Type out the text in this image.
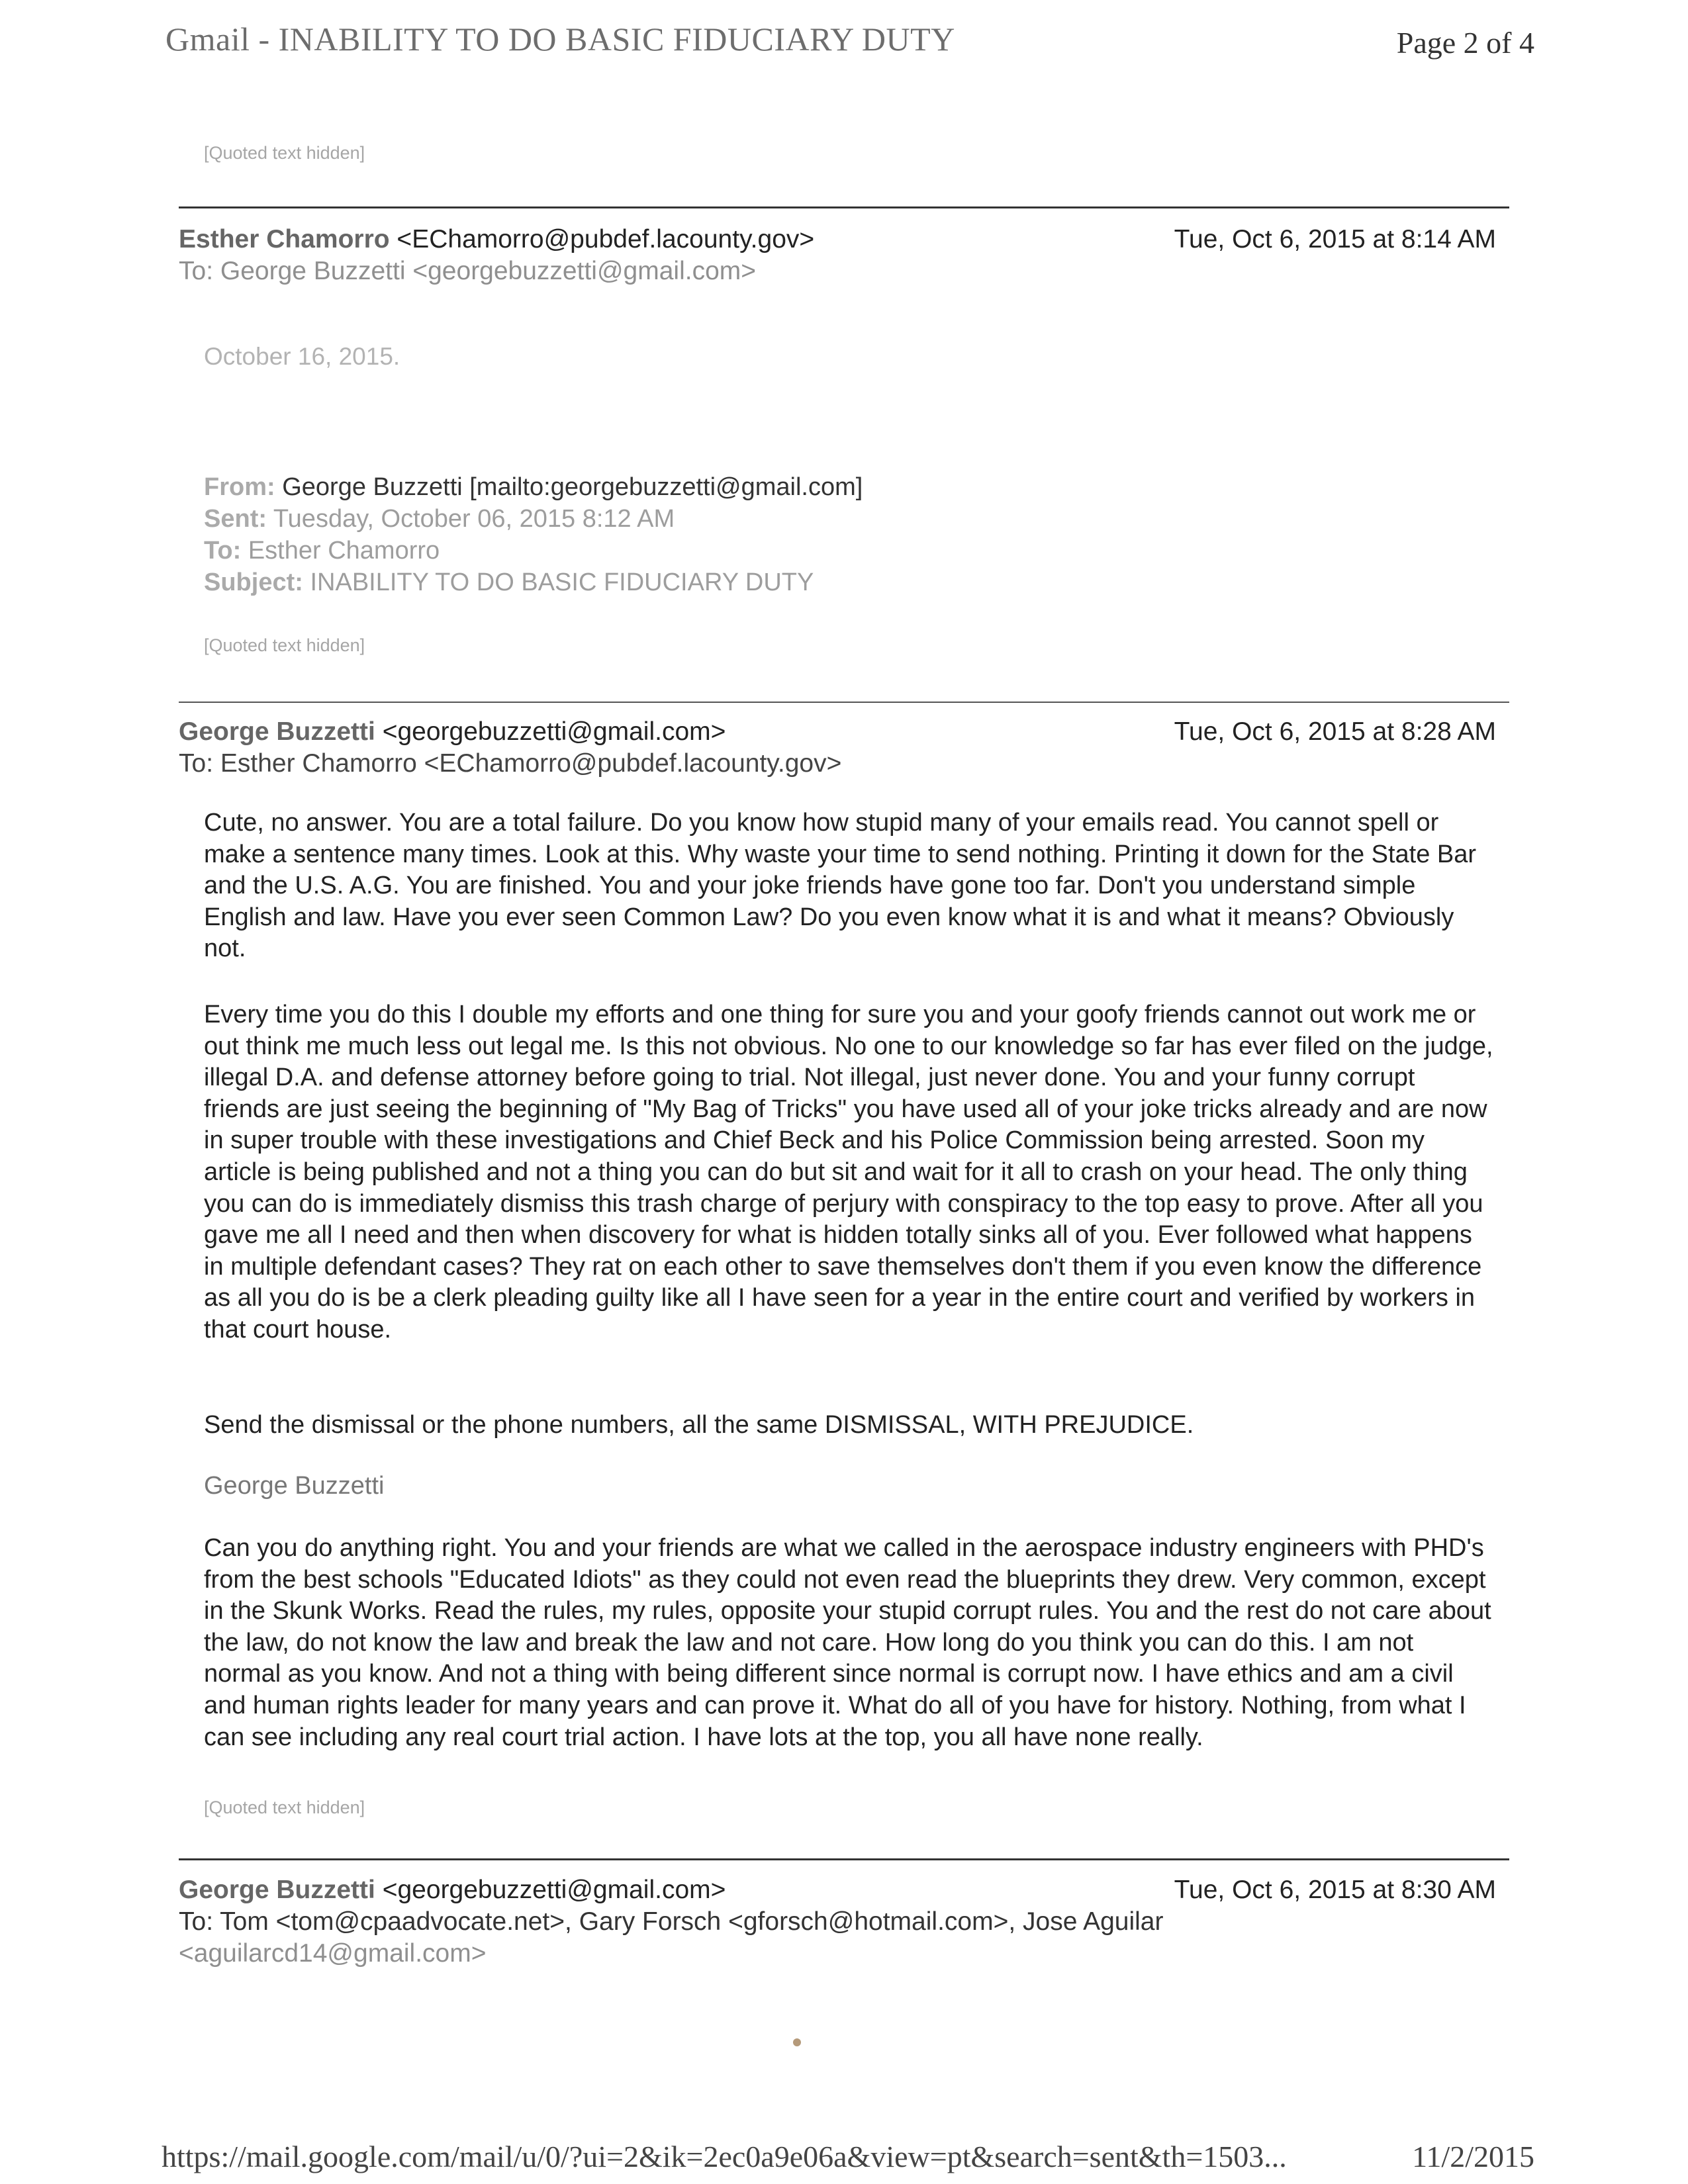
Gmail - INABILITY TO DO BASIC FIDUCIARY DUTY	Page 2 of 4
[Quoted text hidden]
Esther Chamorro <EChamorro@pubdef.lacounty.gov>
To: George Buzzetti <georgebuzzetti@gmail.com>
Tue, Oct 6, 2015 at 8:14 AM
October 16, 2015.
From: George Buzzetti [mailto:georgebuzzetti@gmail.com]
Sent: Tuesday, October 06, 2015 8:12 AM
To: Esther Chamorro
Subject: INABILITY TO DO BASIC FIDUCIARY DUTY
[Quoted text hidden]
George Buzzetti <georgebuzzetti@gmail.com>
To: Esther Chamorro <EChamorro@pubdef.lacounty.gov>
Tue, Oct 6, 2015 at 8:28 AM

Cute, no answer. You are a total failure. Do you know how stupid many of your emails read. You cannot spell or make a sentence many times. Look at this. Why waste your time to send nothing. Printing it down for the State Bar and the U.S. A.G. You are finished. You and your joke friends have gone too far. Don't you understand simple English and law. Have you ever seen Common Law? Do you even know what it is and what it means? Obviously not.

Every time you do this I double my efforts and one thing for sure you and your goofy friends cannot out work me or out think me much less out legal me. Is this not obvious. No one to our knowledge so far has ever filed on the judge, illegal D.A. and defense attorney before going to trial. Not illegal, just never done. You and your funny corrupt friends are just seeing the beginning of "My Bag of Tricks" you have used all of your joke tricks already and are now in super trouble with these investigations and Chief Beck and his Police Commission being arrested. Soon my article is being published and not a thing you can do but sit and wait for it all to crash on your head. The only thing you can do is immediately dismiss this trash charge of perjury with conspiracy to the top easy to prove. After all you gave me all I need and then when discovery for what is hidden totally sinks all of you. Ever followed what happens in multiple defendant cases? They rat on each other to save themselves don't them if you even know the difference as all you do is be a clerk pleading guilty like all I have seen for a year in the entire court and verified by workers in that court house.

Send the dismissal or the phone numbers, all the same DISMISSAL, WITH PREJUDICE.

George Buzzetti

Can you do anything right. You and your friends are what we called in the aerospace industry engineers with PHD's from the best schools "Educated Idiots" as they could not even read the blueprints they drew. Very common, except in the Skunk Works. Read the rules, my rules, opposite your stupid corrupt rules. You and the rest do not care about the law, do not know the law and break the law and not care. How long do you think you can do this. I am not normal as you know. And not a thing with being different since normal is corrupt now. I have ethics and am a civil and human rights leader for many years and can prove it. What do all of you have for history. Nothing, from what I can see including any real court trial action. I have lots at the top, you all have none really.

[Quoted text hidden]
George Buzzetti <georgebuzzetti@gmail.com>
To: Tom <tom@cpaadvocate.net>, Gary Forsch <gforsch@hotmail.com>, Jose Aguilar
<aguilarcd14@gmail.com>
Tue, Oct 6, 2015 at 8:30 AM
https://mail.google.com/mail/u/0/?ui=2&ik=2ec0a9e06a&view=pt&search=sent&th=1503...	11/2/2015
